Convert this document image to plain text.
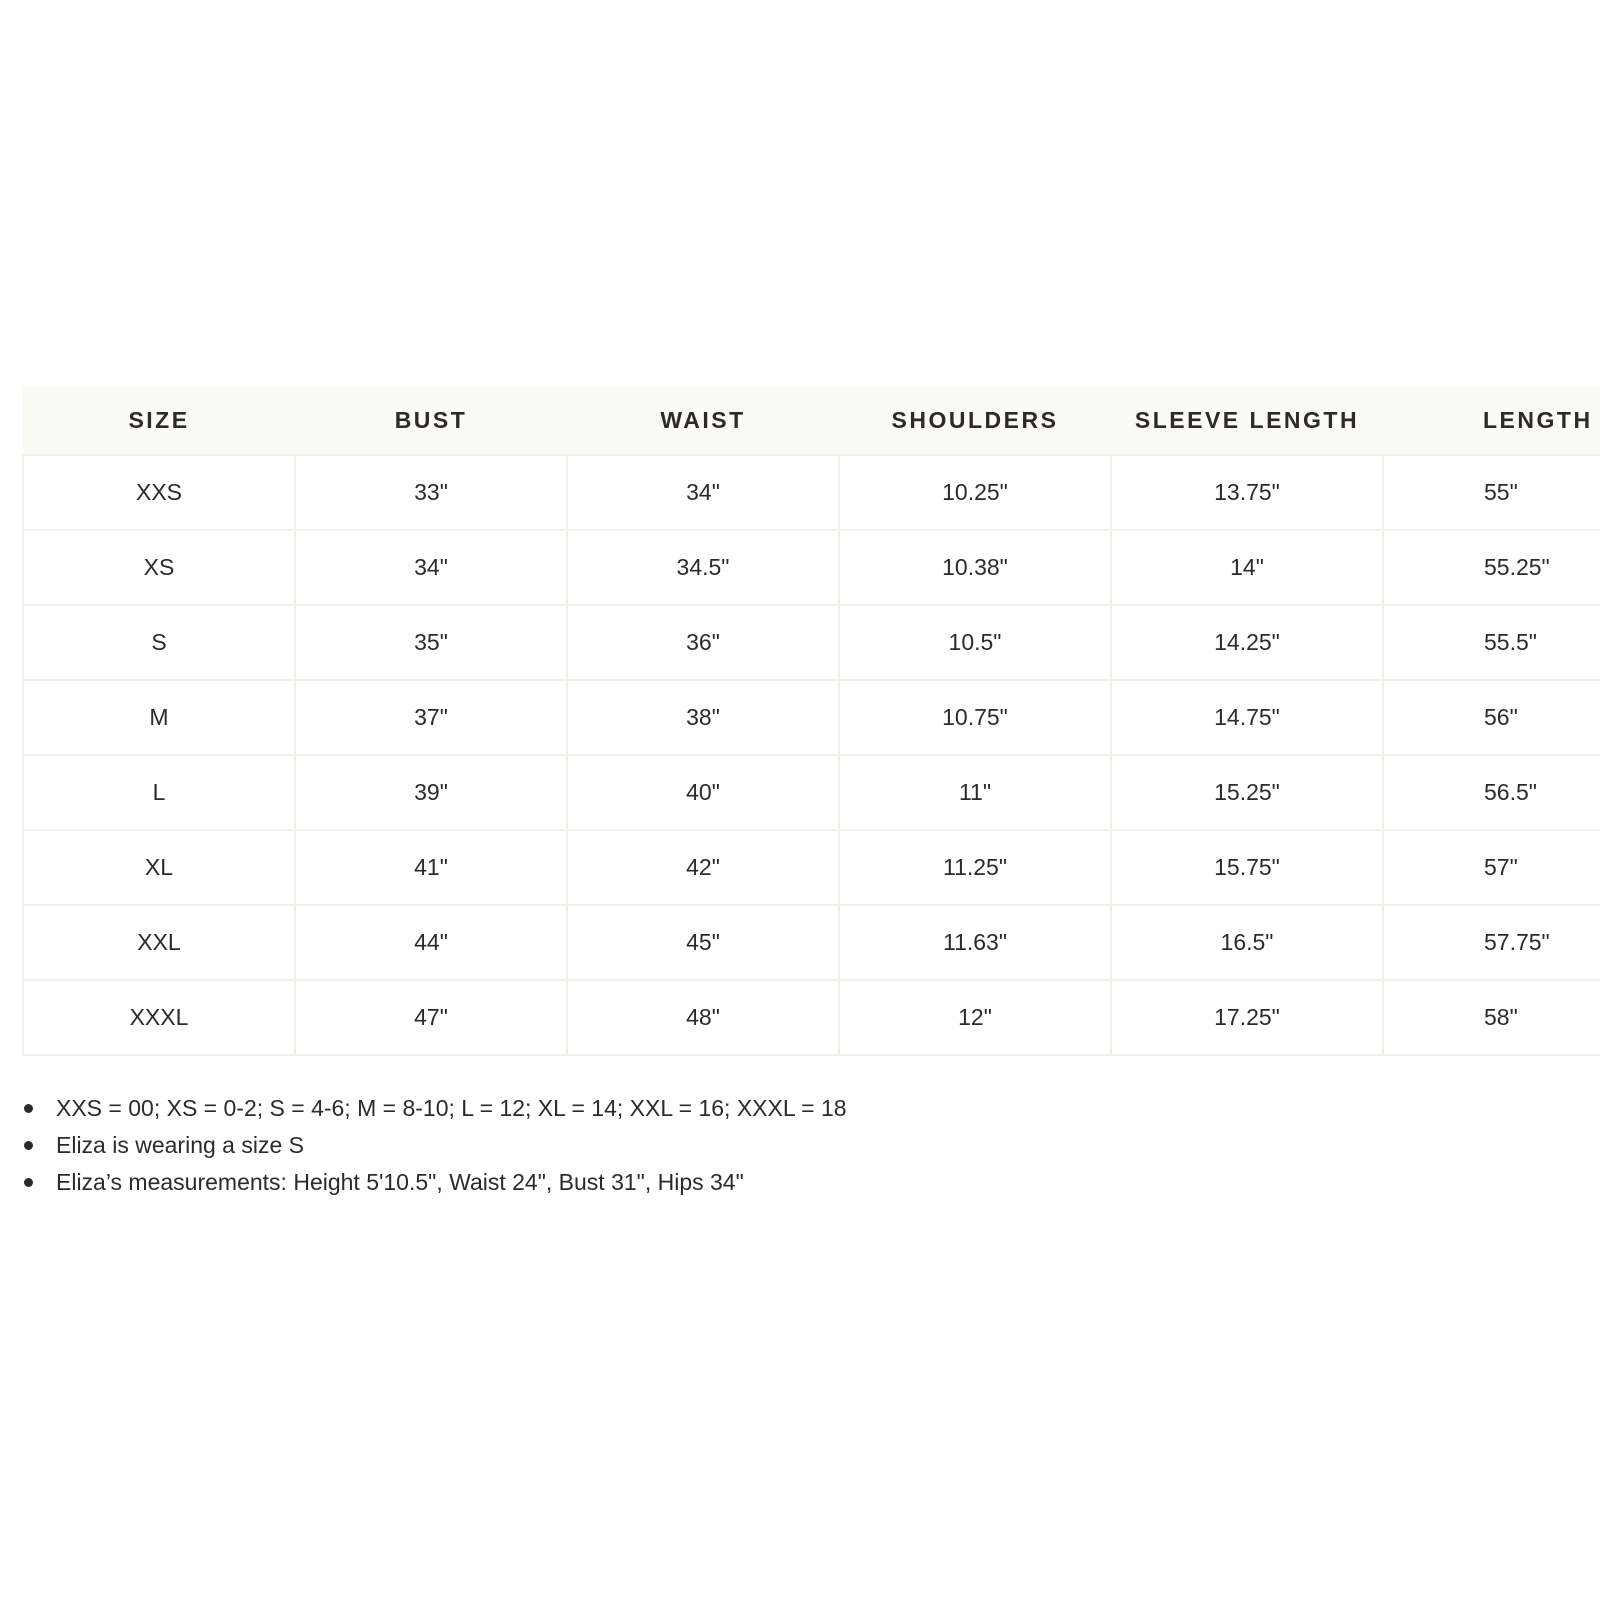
SIZE	BUST	WAIST	SHOULDERS	SLEEVE LENGTH	LENGTH
XXS	33"	34"	10.25"	13.75"	55"
XS	34"	34.5"	10.38"	14"	55.25"
S	35"	36"	10.5"	14.25"	55.5"
M	37"	38"	10.75"	14.75"	56"
L	39"	40"	11"	15.25"	56.5"
XL	41"	42"	11.25"	15.75"	57"
XXL	44"	45"	11.63"	16.5"	57.75"
XXXL	47"	48"	12"	17.25"	58"
XXS = 00; XS = 0-2; S = 4-6; M = 8-10; L = 12; XL = 14; XXL = 16; XXXL = 18
Eliza is wearing a size S
Eliza’s measurements: Height 5'10.5", Waist 24", Bust 31", Hips 34"
